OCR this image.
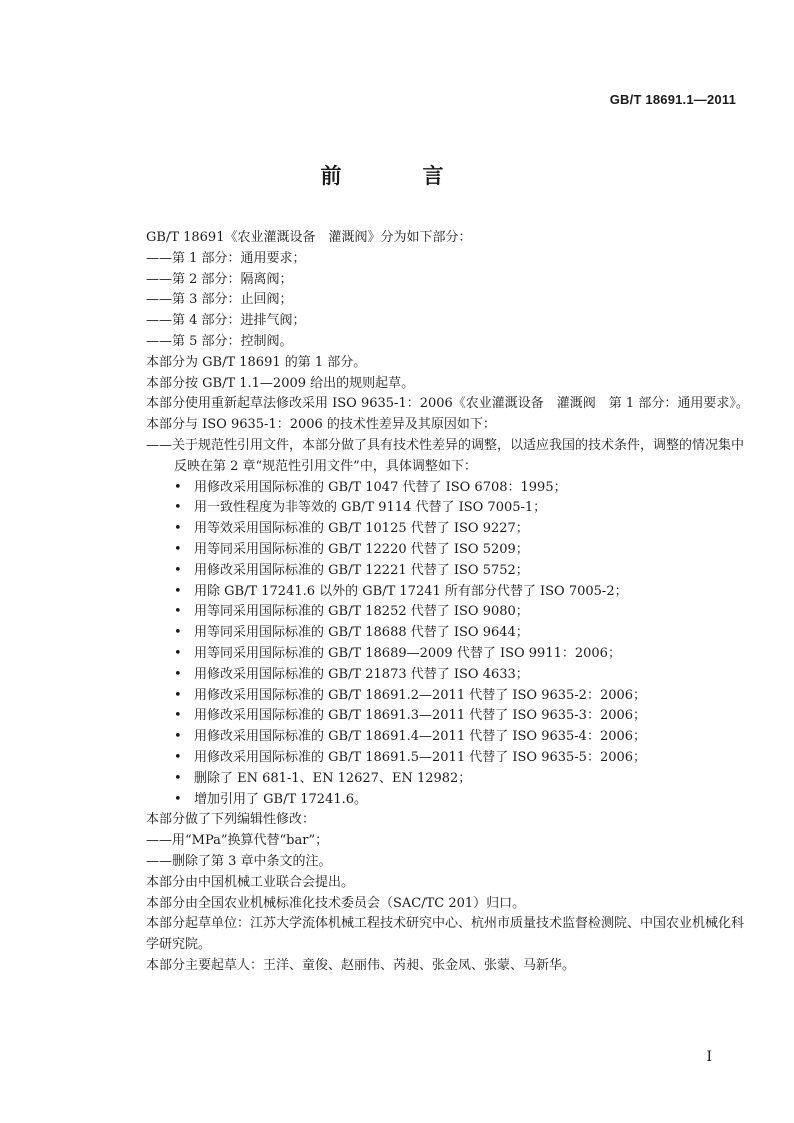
GB/T 18691.1—2011
前　言
GB/T 18691《农业灌溉设备　灌溉阀》分为如下部分：
——第 1 部分：通用要求；
——第 2 部分：隔离阀；
——第 3 部分：止回阀；
——第 4 部分：进排气阀；
——第 5 部分：控制阀。
本部分为 GB/T 18691 的第 1 部分。
本部分按 GB/T 1.1—2009 给出的规则起草。
本部分使用重新起草法修改采用 ISO 9635-1：2006《农业灌溉设备　灌溉阀　第 1 部分：通用要求》。
本部分与 ISO 9635-1：2006 的技术性差异及其原因如下：
——关于规范性引用文件，本部分做了具有技术性差异的调整，以适应我国的技术条件，调整的情况集中反映在第 2 章“规范性引用文件”中，具体调整如下：
• 用修改采用国际标准的 GB/T 1047 代替了 ISO 6708：1995；
• 用一致性程度为非等效的 GB/T 9114 代替了 ISO 7005-1；
• 用等效采用国际标准的 GB/T 10125 代替了 ISO 9227；
• 用等同采用国际标准的 GB/T 12220 代替了 ISO 5209；
• 用修改采用国际标准的 GB/T 12221 代替了 ISO 5752；
• 用除 GB/T 17241.6 以外的 GB/T 17241 所有部分代替了 ISO 7005-2；
• 用等同采用国际标准的 GB/T 18252 代替了 ISO 9080；
• 用等同采用国际标准的 GB/T 18688 代替了 ISO 9644；
• 用等同采用国际标准的 GB/T 18689—2009 代替了 ISO 9911：2006；
• 用修改采用国际标准的 GB/T 21873 代替了 ISO 4633；
• 用修改采用国际标准的 GB/T 18691.2—2011 代替了 ISO 9635-2：2006；
• 用修改采用国际标准的 GB/T 18691.3—2011 代替了 ISO 9635-3：2006；
• 用修改采用国际标准的 GB/T 18691.4—2011 代替了 ISO 9635-4：2006；
• 用修改采用国际标准的 GB/T 18691.5—2011 代替了 ISO 9635-5：2006；
• 删除了 EN 681-1、EN 12627、EN 12982；
• 增加引用了 GB/T 17241.6。
本部分做了下列编辑性修改：
——用“MPa”换算代替“bar”；
——删除了第 3 章中条文的注。
本部分由中国机械工业联合会提出。
本部分由全国农业机械标准化技术委员会（SAC/TC 201）归口。
本部分起草单位：江苏大学流体机械工程技术研究中心、杭州市质量技术监督检测院、中国农业机械化科学研究院。
本部分主要起草人：王洋、童俊、赵丽伟、芮昶、张金凤、张蒙、马新华。
I
